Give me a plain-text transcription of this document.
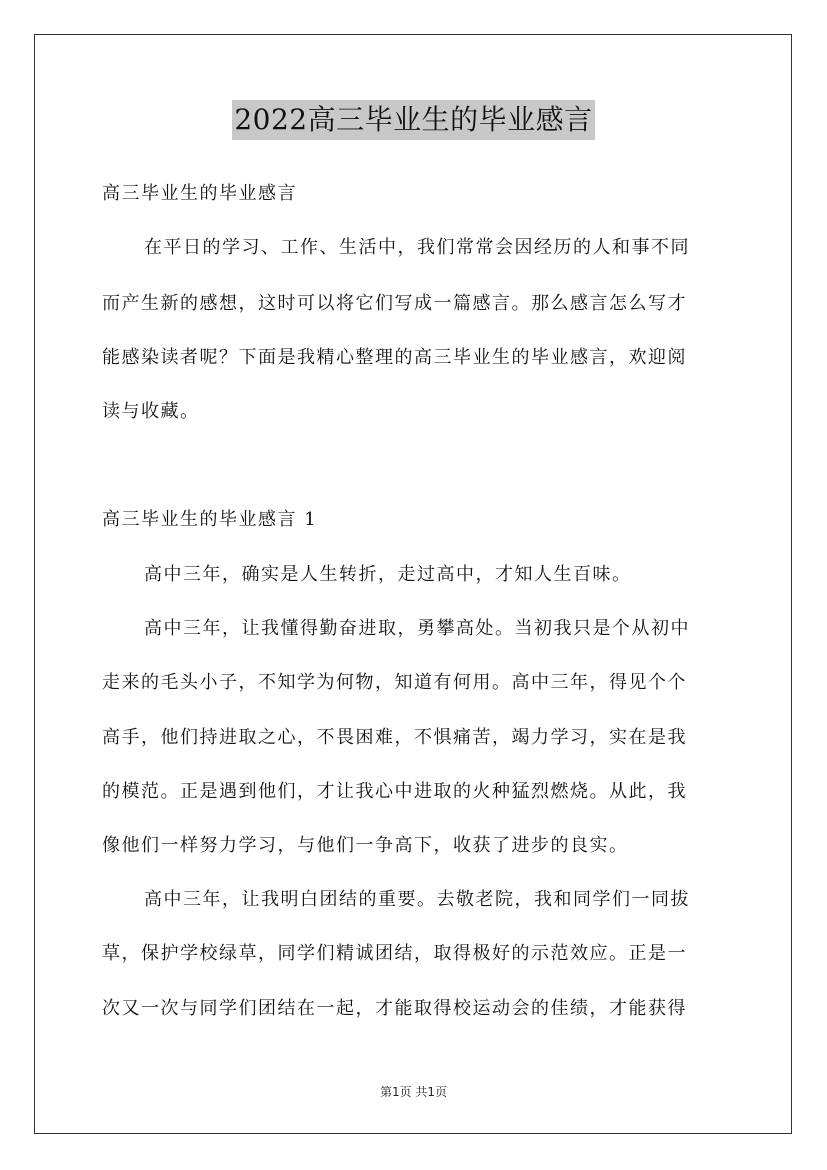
2022高三毕业生的毕业感言
高三毕业生的毕业感言
在平日的学习、工作、生活中，我们常常会因经历的人和事不同
而产生新的感想，这时可以将它们写成一篇感言。那么感言怎么写才
能感染读者呢？下面是我精心整理的高三毕业生的毕业感言，欢迎阅
读与收藏。
高三毕业生的毕业感言 1
高中三年，确实是人生转折，走过高中，才知人生百味。
高中三年，让我懂得勤奋进取，勇攀高处。当初我只是个从初中
走来的毛头小子，不知学为何物，知道有何用。高中三年，得见个个
高手，他们持进取之心，不畏困难，不惧痛苦，竭力学习，实在是我
的模范。正是遇到他们，才让我心中进取的火种猛烈燃烧。从此，我
像他们一样努力学习，与他们一争高下，收获了进步的良实。
高中三年，让我明白团结的重要。去敬老院，我和同学们一同拔
草，保护学校绿草，同学们精诚团结，取得极好的示范效应。正是一
次又一次与同学们团结在一起，才能取得校运动会的佳绩，才能获得
第1页 共1页
